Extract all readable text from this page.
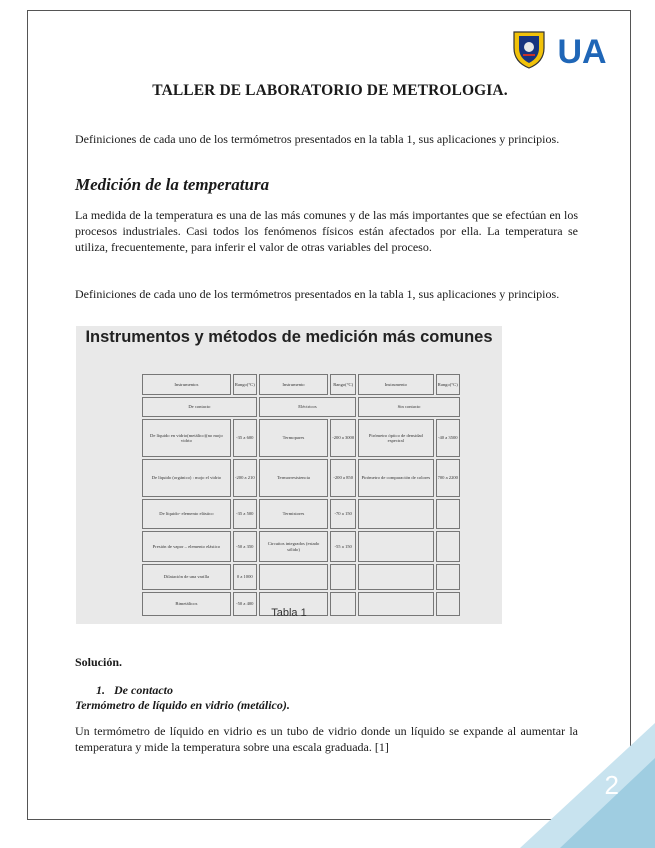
2
UA
TALLER DE LABORATORIO DE METROLOGIA.

Definiciones de cada uno de los termómetros presentados en la tabla 1, sus aplicaciones y principios.

Medición de la temperatura

La medida de la temperatura es una de las más comunes y de las más importantes que se efectúan en los procesos industriales. Casi todos los fenómenos físicos están afectados por ella. La temperatura se utiliza, frecuentemente, para inferir el valor de otras variables del proceso.

Definiciones de cada uno de los termómetros presentados en la tabla 1, sus aplicaciones y principios.

Instrumentos y métodos de medición más comunes
Instrumentos	Rango(°C)	Instrumento	Rango(°C)	Instrumento	Rango(°C)
De contacto		Eléctricos		Sin contacto	
De líquido en vidrio(metálico)(no mojo vidrio	-35 a 600	Termopares	-200 a 3000	Pirómetro óptico de densidad espectral	-40 a 3500
De líquido (orgánico) : mojo el vidrio	-200 a 210	Termorresistencia	-200 a 850	Pirómetro de comparación de colores	700 a 2200
De líquido- elemento elástico	-35 a 500	Termistores	-70 a 150		
Presión de vapor – elemento elástico	-50 a 350	Circuitos integrados (estado sólido)	-55 a 150		
Dilatación de una varilla	0 a 1000				
Bimetálicos	-50 a 400				
Tabla 1
Solución.
1.   De contacto
Termómetro de líquido en vidrio (metálico).

Un termómetro de líquido en vidrio es un tubo de vidrio donde un líquido se expande al aumentar la temperatura y mide la temperatura sobre una escala graduada. [1]
